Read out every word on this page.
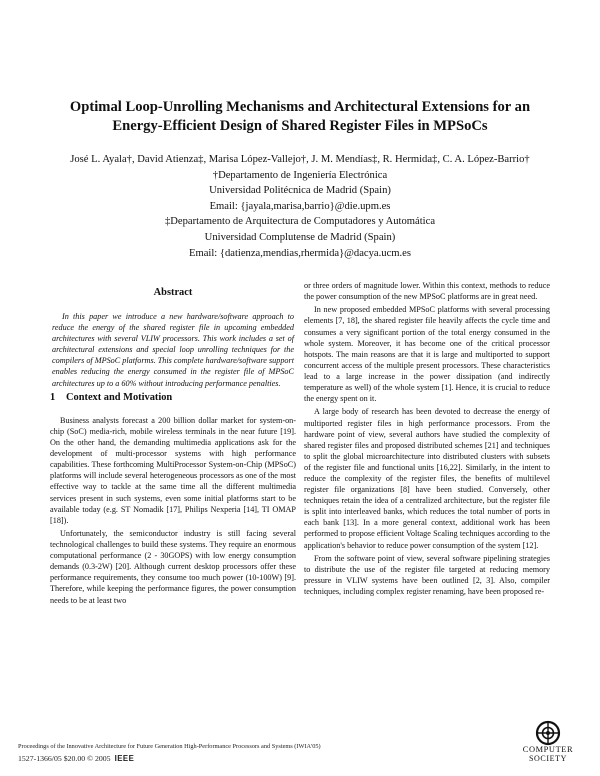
Optimal Loop-Unrolling Mechanisms and Architectural Extensions for an
Energy-Efficient Design of Shared Register Files in MPSoCs
José L. Ayala†, David Atienza‡, Marisa López-Vallejo†, J. M. Mendías‡, R. Hermida‡, C. A. López-Barrio†
†Departamento de Ingeniería Electrónica
Universidad Politécnica de Madrid (Spain)
Email: {jayala,marisa,barrio}@die.upm.es
‡Departamento de Arquitectura de Computadores y Automática
Universidad Complutense de Madrid (Spain)
Email: {datienza,mendias,rhermida}@dacya.ucm.es
Abstract

In this paper we introduce a new hardware/software approach to reduce the energy of the shared register file in upcoming embedded architectures with several VLIW processors. This work includes a set of architectural extensions and special loop unrolling techniques for the compilers of MPSoC platforms. This complete hardware/software support enables reducing the energy consumed in the register file of MPSoC architectures up to a 60% without introducing performance penalties.

1 Context and Motivation

Business analysts forecast a 200 billion dollar market for system-on-chip (SoC) media-rich, mobile wireless terminals in the near future [19]. On the other hand, the demanding multimedia applications ask for the development of multi-processor systems with high performance capabilities. These forthcoming MultiProcessor System-on-Chip (MPSoC) platforms will include several heterogeneous processors as one of the most effective way to tackle at the same time all the different multimedia services present in such systems, even some initial platforms start to be available today (e.g. ST Nomadik [17], Philips Nexperia [14], TI OMAP [18]).

Unfortunately, the semiconductor industry is still facing several technological challenges to build these systems. They require an enormous computational performance (2 - 30GOPS) with low energy consumption demands (0.3-2W) [20]. Although current desktop processors offer these performance requirements, they consume too much power (10-100W) [9]. Therefore, while keeping the performance figures, the power consumption needs to be at least two

or three orders of magnitude lower. Within this context, methods to reduce the power consumption of the new MPSoC platforms are in great need.

In new proposed embedded MPSoC platforms with several processing elements [7, 18], the shared register file heavily affects the cycle time and consumes a very significant portion of the total energy consumed in the whole system. Moreover, it has become one of the critical processor hotspots. The main reasons are that it is large and multiported to support concurrent access of the multiple present processors. These characteristics lead to a large increase in the power dissipation (and indirectly temperature as well) of the whole system [1]. Hence, it is crucial to reduce the energy spent on it.

A large body of research has been devoted to decrease the energy of multiported register files in high performance processors. From the hardware point of view, several authors have studied the complexity of shared register files and proposed distributed schemes [21] and techniques to split the global microarchitecture into distributed clusters with subsets of the register file and functional units [16,22]. Similarly, in the intent to reduce the complexity of the register files, the benefits of multilevel register file organizations [8] have been studied. Conversely, other techniques retain the idea of a centralized architecture, but the register file is split into interleaved banks, which reduces the total number of ports in each bank [13]. In a more general context, additional work has been performed to propose efficient Voltage Scaling techniques according to the application's behavior to reduce power consumption of the system [12].

From the software point of view, several software pipelining strategies to distribute the use of the register file targeted at reducing memory pressure in VLIW systems have been outlined [2, 3]. Also, compiler techniques, including complex register renaming, have been proposed re-

Proceedings of the Innovative Architecture for Future Generation High-Performance Processors and Systems (IWIA'05)
1527-1366/05 $20.00 © 2005 IEEE
COMPUTER
SOCIETY
